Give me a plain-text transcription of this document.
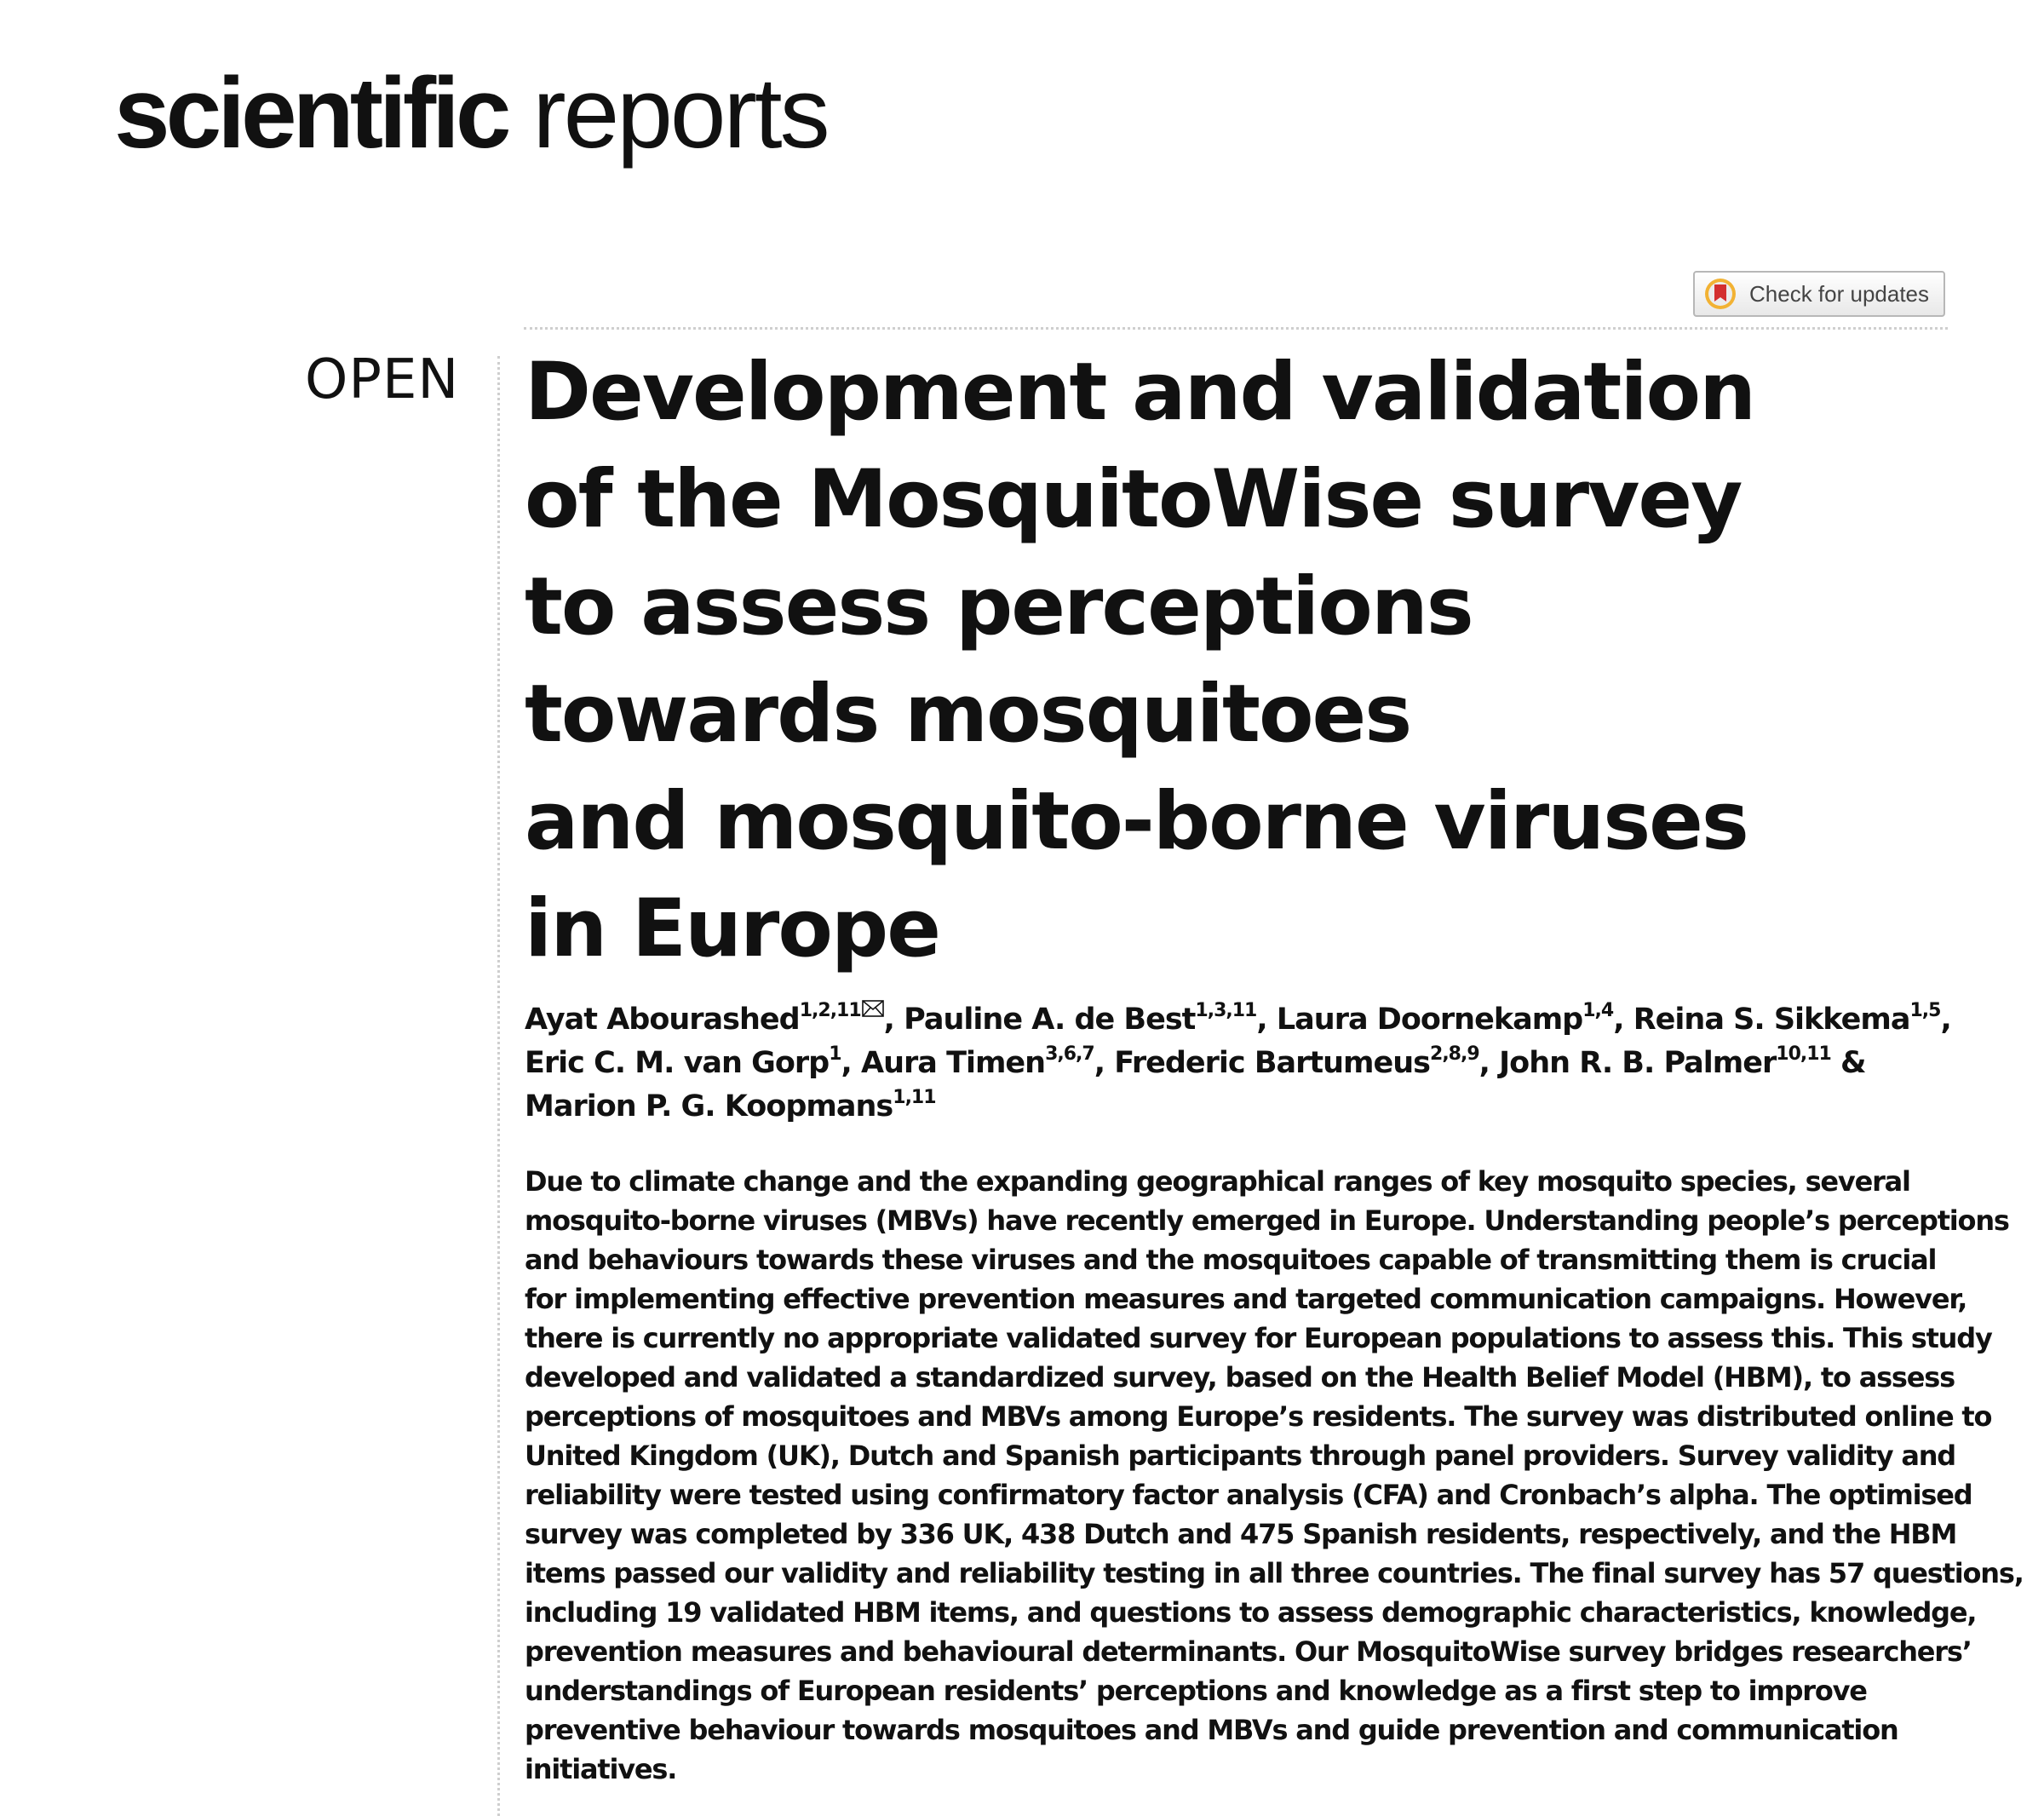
scientific reports
Check for updates
OPEN Development and validation
of the MosquitoWise survey
to assess perceptions
towards mosquitoes
and mosquito-borne viruses
in Europe
Ayat Abourashed$^{1,2,11}$ , Pauline A. de Best$^{1,3,11}$, Laura Doornekamp$^{1,4}$, Reina S. Sikkema$^{1,5}$,
Eric C. M. van Gorp$^1$, Aura Timen$^{3,6,7}$, Frederic Bartumeus$^{2,8,9}$, John R. B. Palmer$^{10,11}$ &
Marion P. G. Koopmans$^{1,11}$
Due to climate change and the expanding geographical ranges of key mosquito species, several
mosquito-borne viruses (MBVs) have recently emerged in Europe. Understanding people’s perceptions
and behaviours towards these viruses and the mosquitoes capable of transmitting them is crucial
for implementing effective prevention measures and targeted communication campaigns. However,
there is currently no appropriate validated survey for European populations to assess this. This study
developed and validated a standardized survey, based on the Health Belief Model (HBM), to assess
perceptions of mosquitoes and MBVs among Europe’s residents. The survey was distributed online to
United Kingdom (UK), Dutch and Spanish participants through panel providers. Survey validity and
reliability were tested using confirmatory factor analysis (CFA) and Cronbach’s alpha. The optimised
survey was completed by 336 UK, 438 Dutch and 475 Spanish residents, respectively, and the HBM
items passed our validity and reliability testing in all three countries. The final survey has 57 questions,
including 19 validated HBM items, and questions to assess demographic characteristics, knowledge,
prevention measures and behavioural determinants. Our MosquitoWise survey bridges researchers’
understandings of European residents’ perceptions and knowledge as a first step to improve
preventive behaviour towards mosquitoes and MBVs and guide prevention and communication
initiatives.
